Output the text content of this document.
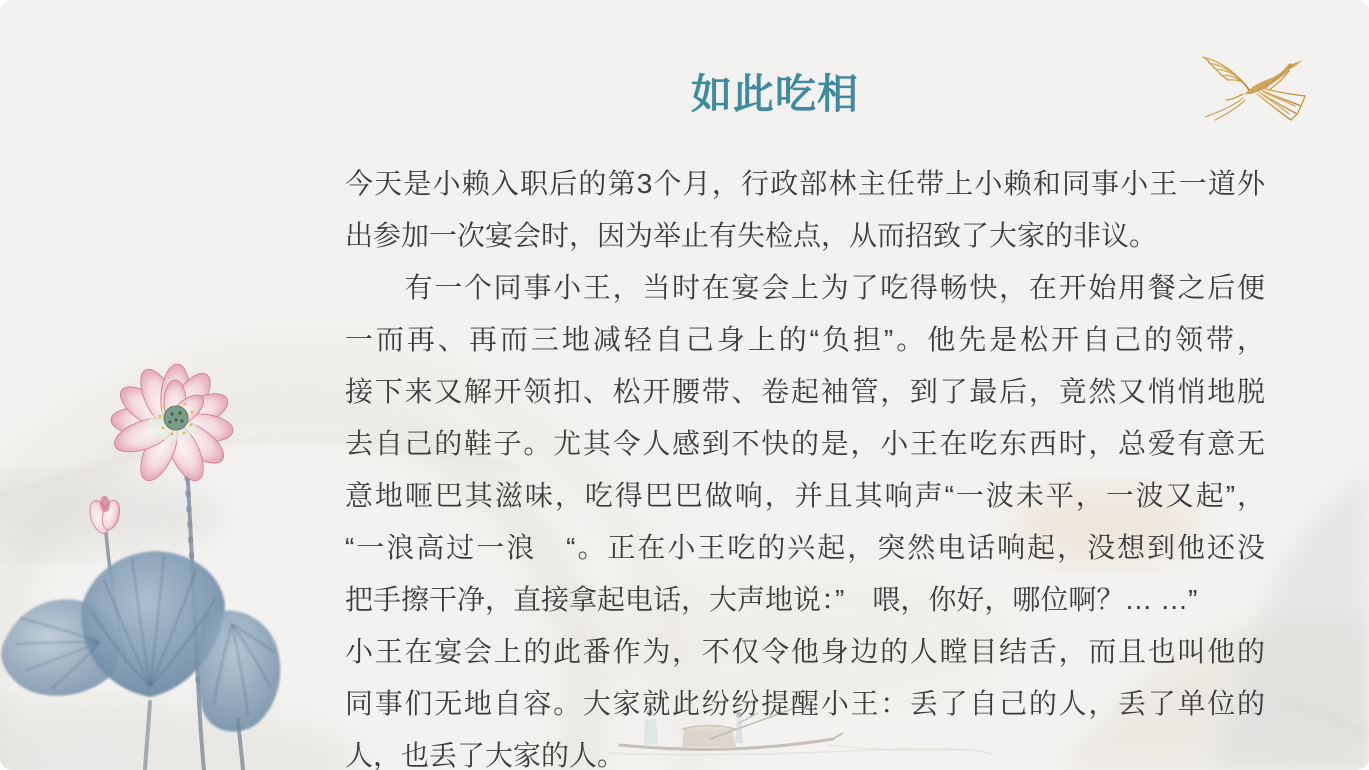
如此吃相
今天是小赖入职后的第3个月，行政部林主任带上小赖和同事小王一道外
出参加一次宴会时，因为举止有失检点，从而招致了大家的非议。
　　有一个同事小王，当时在宴会上为了吃得畅快，在开始用餐之后便
一而再、再而三地减轻自己身上的“负担”。他先是松开自己的领带，
接下来又解开领扣、松开腰带、卷起袖管，到了最后，竟然又悄悄地脱
去自己的鞋子。尤其令人感到不快的是，小王在吃东西时，总爱有意无
意地咂巴其滋味，吃得巴巴做响，并且其响声“一波未平，一波又起”，
“一浪高过一浪　“。正在小王吃的兴起，突然电话响起，没想到他还没
把手擦干净，直接拿起电话，大声地说：”　喂，你好，哪位啊？… …”
小王在宴会上的此番作为，不仅令他身边的人瞠目结舌，而且也叫他的
同事们无地自容。大家就此纷纷提醒小王：丢了自己的人，丢了单位的
人，也丢了大家的人。
